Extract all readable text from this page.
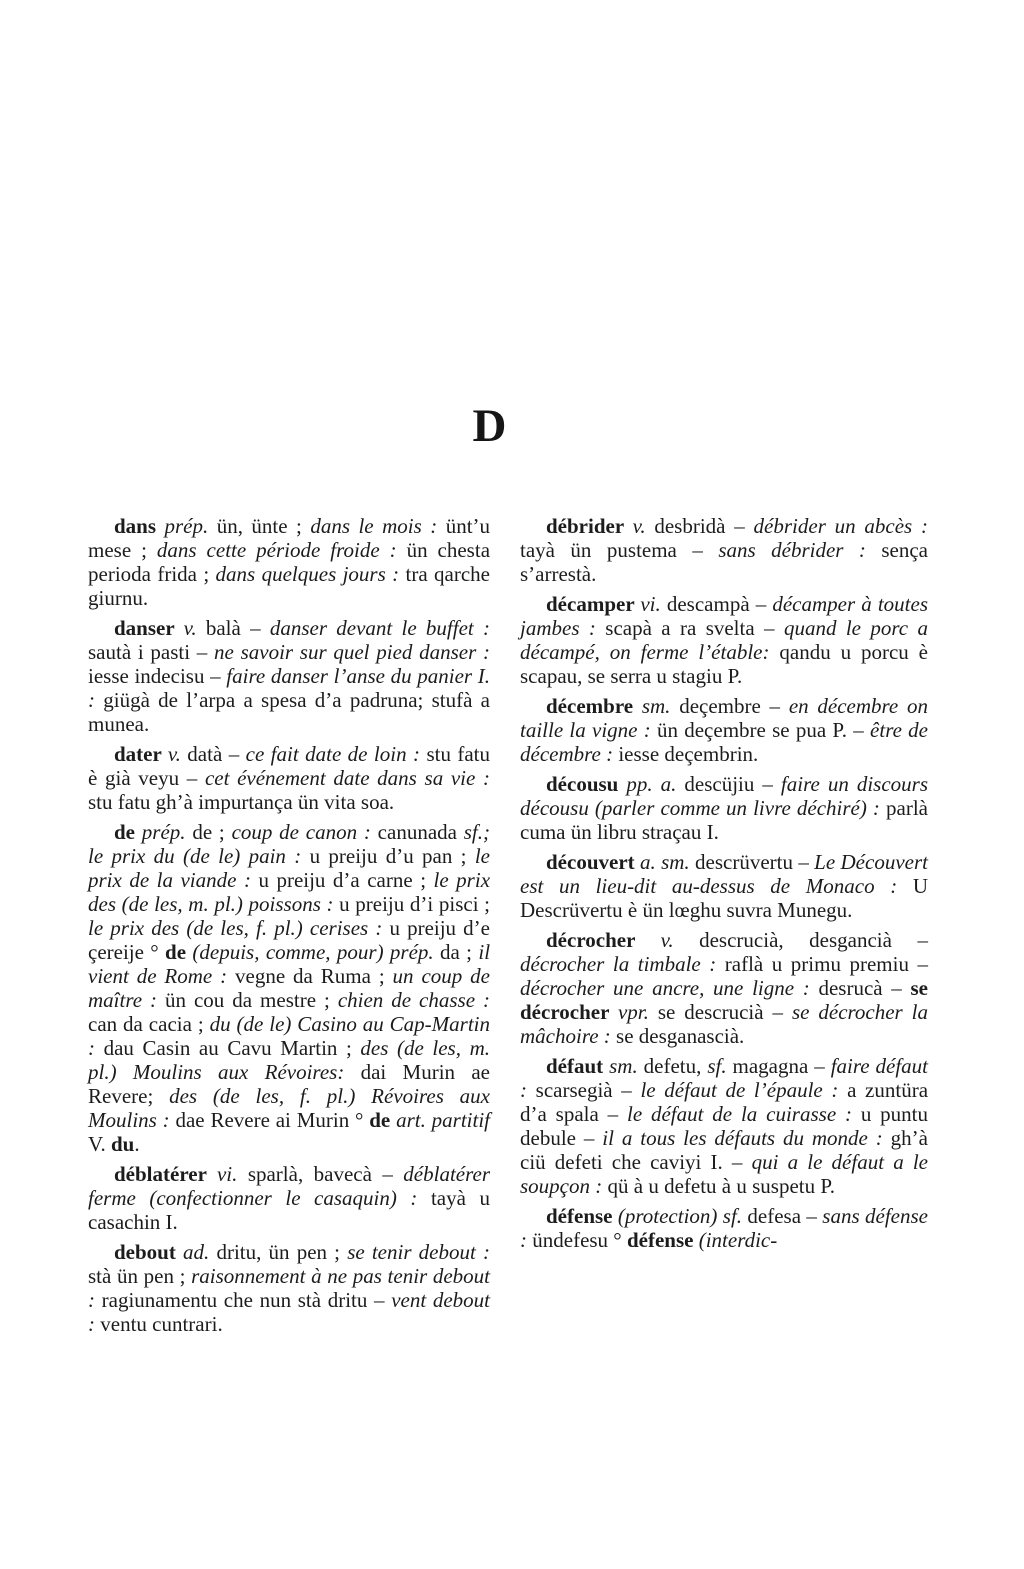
D

dans prép. ün, ünte ; dans le mois : ünt’u mese ; dans cette période froide : ün chesta perioda frida ; dans quelques jours : tra qarche giurnu.

danser v. balà – danser devant le buffet : sautà i pasti – ne savoir sur quel pied danser : iesse indecisu – faire danser l’anse du panier I. : giügà de l’arpa a spesa d’a padruna; stufà a munea.

dater v. datà – ce fait date de loin : stu fatu è già veyu – cet événement date dans sa vie : stu fatu gh’à impurtança ün vita soa.

de prép. de ; coup de canon : canunada sf.; le prix du (de le) pain : u preiju d’u pan ; le prix de la viande : u preiju d’a carne ; le prix des (de les, m. pl.) poissons : u preiju d’i pisci ; le prix des (de les, f. pl.) cerises : u preiju d’e çereije ° de (depuis, comme, pour) prép. da ; il vient de Rome : vegne da Ruma ; un coup de maître : ün cou da mestre ; chien de chasse : can da cacia ; du (de le) Casino au Cap-Martin : dau Casin au Cavu Martin ; des (de les, m. pl.) Moulins aux Révoires: dai Murin ae Revere; des (de les, f. pl.) Révoires aux Moulins : dae Revere ai Murin ° de art. partitif V. du.

déblatérer vi. sparlà, bavecà – déblatérer ferme (confectionner le casaquin) : tayà u casachin I.

debout ad. dritu, ün pen ; se tenir debout : stà ün pen ; raisonnement à ne pas tenir debout : ragiunamentu che nun stà dritu – vent debout : ventu cuntrari.

débrider v. desbridà – débrider un abcès : tayà ün pustema – sans débrider : sença s’arrestà.

décamper vi. descampà – décamper à toutes jambes : scapà a ra svelta – quand le porc a décampé, on ferme l’étable: qandu u porcu è scapau, se serra u stagiu P.

décembre sm. deçembre – en décembre on taille la vigne : ün deçembre se pua P. – être de décembre : iesse deçembrin.

décousu pp. a. descüjiu – faire un discours décousu (parler comme un livre déchiré) : parlà cuma ün libru straçau I.

découvert a. sm. descrüvertu – Le Découvert est un lieu-dit au-dessus de Monaco : U Descrüvertu è ün lœghu suvra Munegu.

décrocher v. descrucià, desgancià – décrocher la timbale : raflà u primu premiu – décrocher une ancre, une ligne : desrucà – se décrocher vpr. se descrucià – se décrocher la mâchoire : se desganascià.

défaut sm. defetu, sf. magagna – faire défaut : scarsegià – le défaut de l’épaule : a zuntüra d’a spala – le défaut de la cuirasse : u puntu debule – il a tous les défauts du monde : gh’à ciü defeti che caviyi I. – qui a le défaut a le soupçon : qü à u defetu à u suspetu P.

défense (protection) sf. defesa – sans défense : ündefesu ° défense (interdic-
